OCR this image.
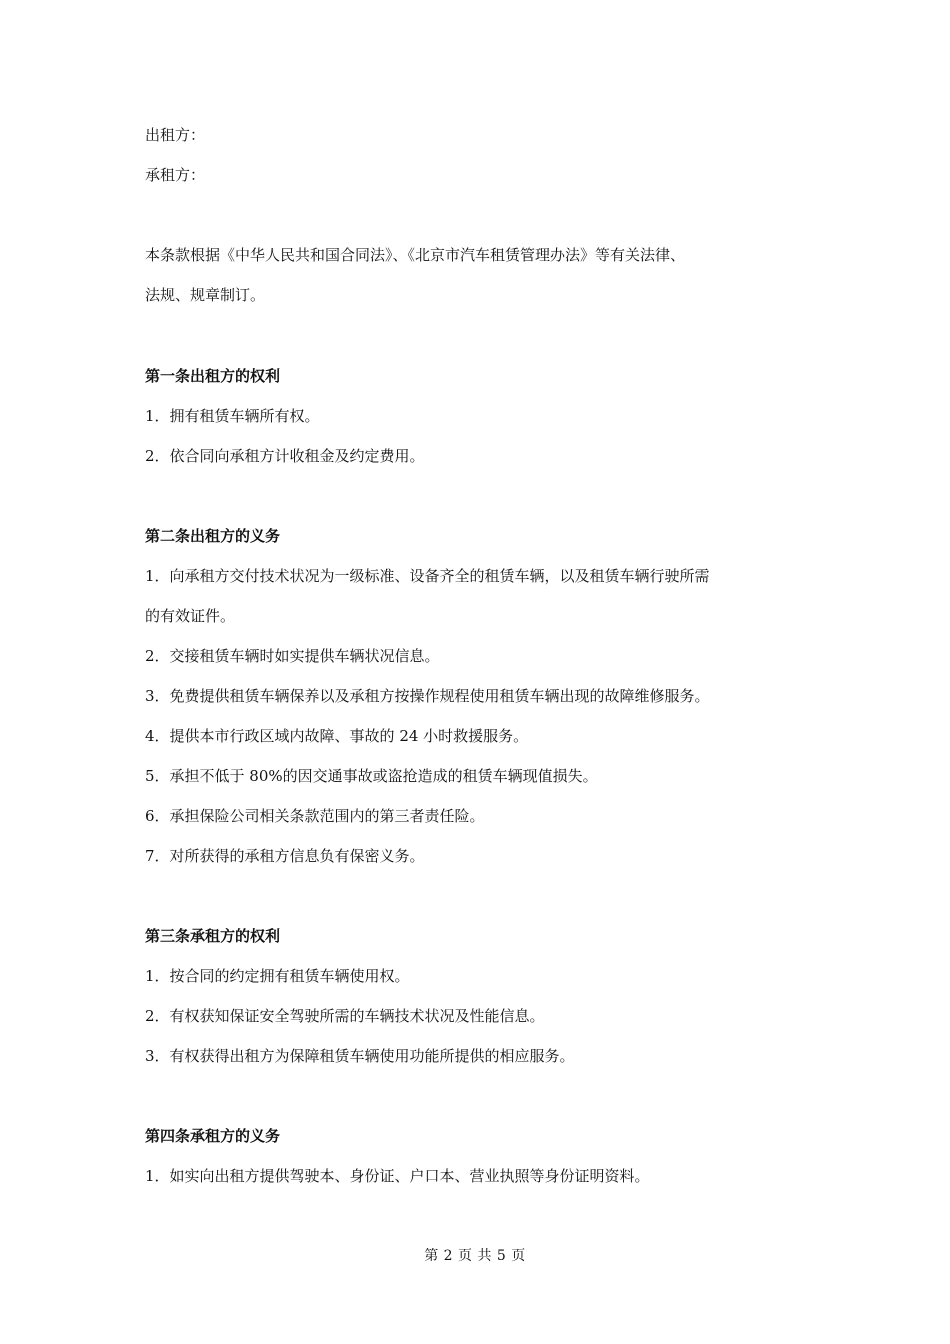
出租方：
承租方：
本条款根据《中华人民共和国合同法》、《北京市汽车租赁管理办法》等有关法律、
法规、规章制订。
第一条出租方的权利
1．拥有租赁车辆所有权。
2．依合同向承租方计收租金及约定费用。
第二条出租方的义务
1．向承租方交付技术状况为一级标准、设备齐全的租赁车辆，以及租赁车辆行驶所需
的有效证件。
2．交接租赁车辆时如实提供车辆状况信息。
3．免费提供租赁车辆保养以及承租方按操作规程使用租赁车辆出现的故障维修服务。
4．提供本市行政区域内故障、事故的 24 小时救援服务。
5．承担不低于 80%的因交通事故或盗抢造成的租赁车辆现值损失。
6．承担保险公司相关条款范围内的第三者责任险。
7．对所获得的承租方信息负有保密义务。
第三条承租方的权利
1．按合同的约定拥有租赁车辆使用权。
2．有权获知保证安全驾驶所需的车辆技术状况及性能信息。
3．有权获得出租方为保障租赁车辆使用功能所提供的相应服务。
第四条承租方的义务
1．如实向出租方提供驾驶本、身份证、户口本、营业执照等身份证明资料。
第 2 页 共 5 页
